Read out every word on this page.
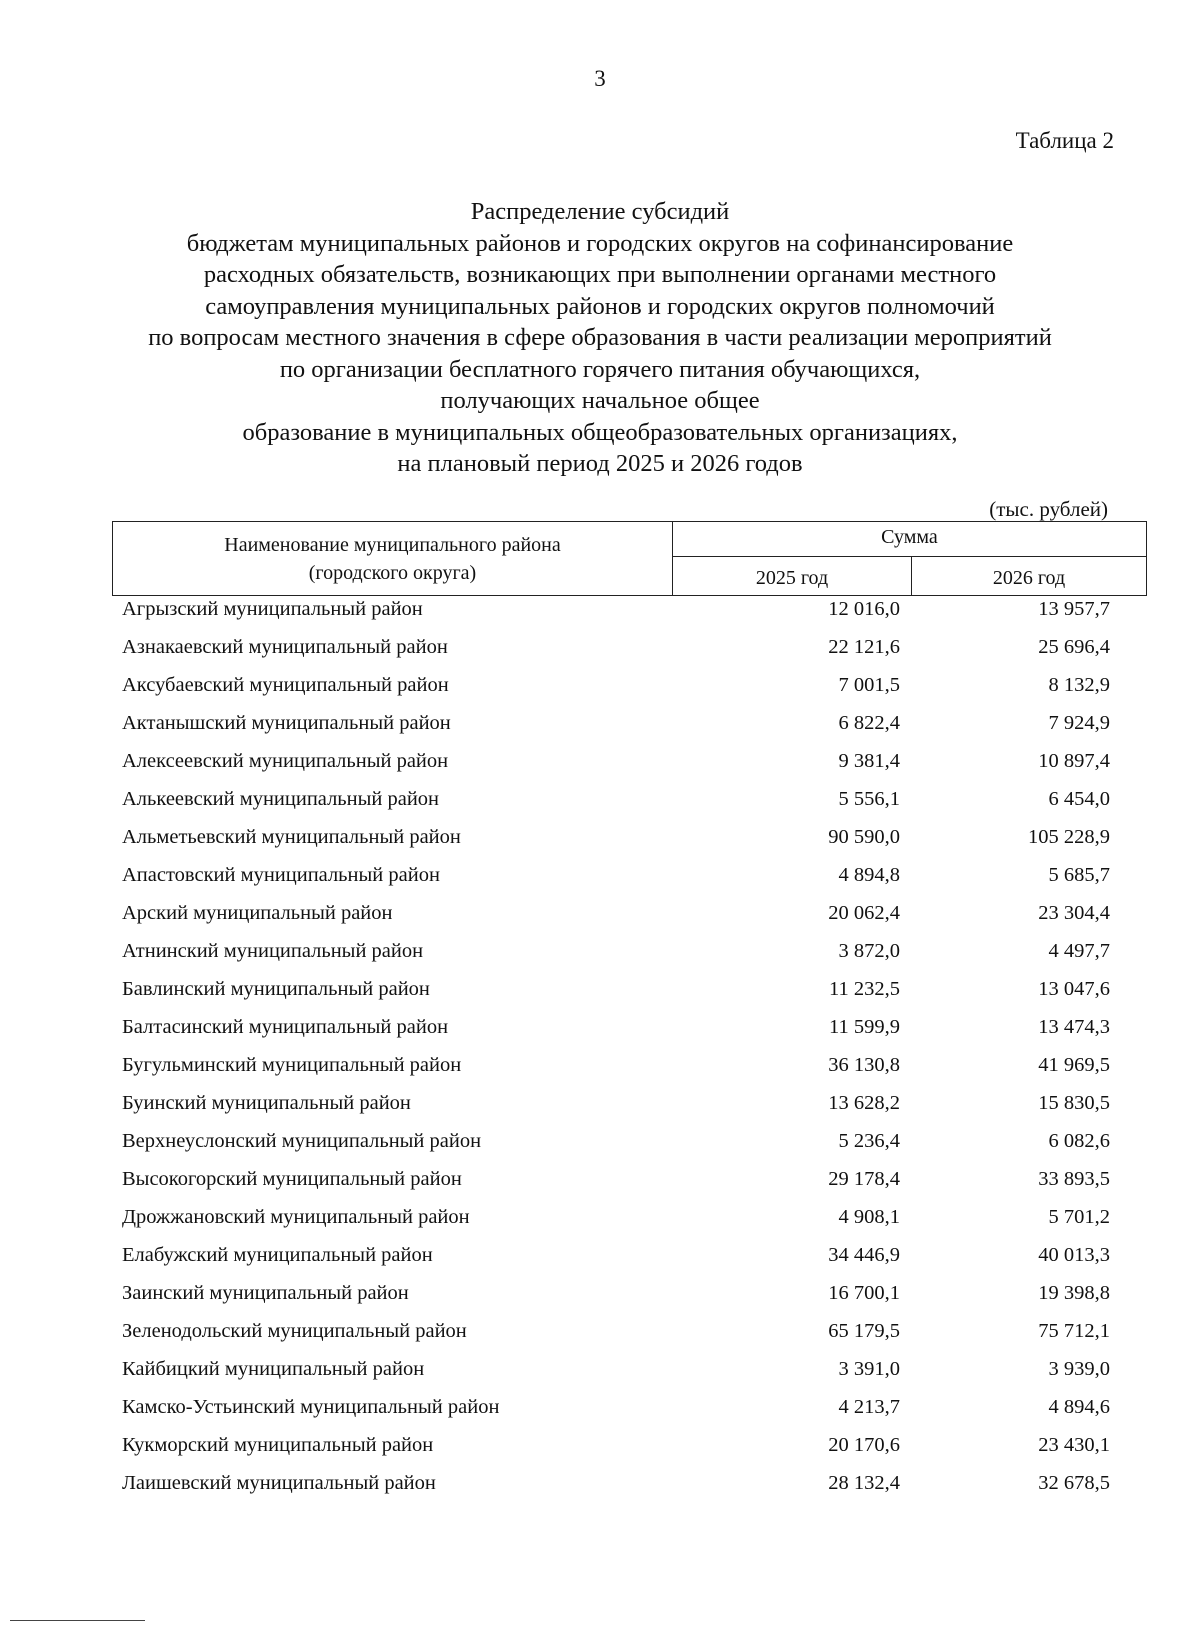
3
Таблица 2
Распределение субсидий
бюджетам муниципальных районов и городских округов на софинансирование
расходных обязательств, возникающих при выполнении органами местного
самоуправления муниципальных районов и городских округов полномочий
по вопросам местного значения в сфере образования в части реализации мероприятий
по организации бесплатного горячего питания обучающихся,
получающих начальное общее
образование в муниципальных общеобразовательных организациях,
на плановый период 2025 и 2026 годов
(тыс. рублей)
Наименование муниципального района
(городского округа)
Сумма
2025 год	2026 год
Агрызский муниципальный район	12 016,0	13 957,7
Азнакаевский муниципальный район	22 121,6	25 696,4
Аксубаевский муниципальный район	7 001,5	8 132,9
Актанышский муниципальный район	6 822,4	7 924,9
Алексеевский муниципальный район	9 381,4	10 897,4
Алькеевский муниципальный район	5 556,1	6 454,0
Альметьевский муниципальный район	90 590,0	105 228,9
Апастовский муниципальный район	4 894,8	5 685,7
Арский муниципальный район	20 062,4	23 304,4
Атнинский муниципальный район	3 872,0	4 497,7
Бавлинский муниципальный район	11 232,5	13 047,6
Балтасинский муниципальный район	11 599,9	13 474,3
Бугульминский муниципальный район	36 130,8	41 969,5
Буинский муниципальный район	13 628,2	15 830,5
Верхнеуслонский муниципальный район	5 236,4	6 082,6
Высокогорский муниципальный район	29 178,4	33 893,5
Дрожжановский муниципальный район	4 908,1	5 701,2
Елабужский муниципальный район	34 446,9	40 013,3
Заинский муниципальный район	16 700,1	19 398,8
Зеленодольский муниципальный район	65 179,5	75 712,1
Кайбицкий муниципальный район	3 391,0	3 939,0
Камско-Устьинский муниципальный район	4 213,7	4 894,6
Кукморский муниципальный район	20 170,6	23 430,1
Лаишевский муниципальный район	28 132,4	32 678,5
